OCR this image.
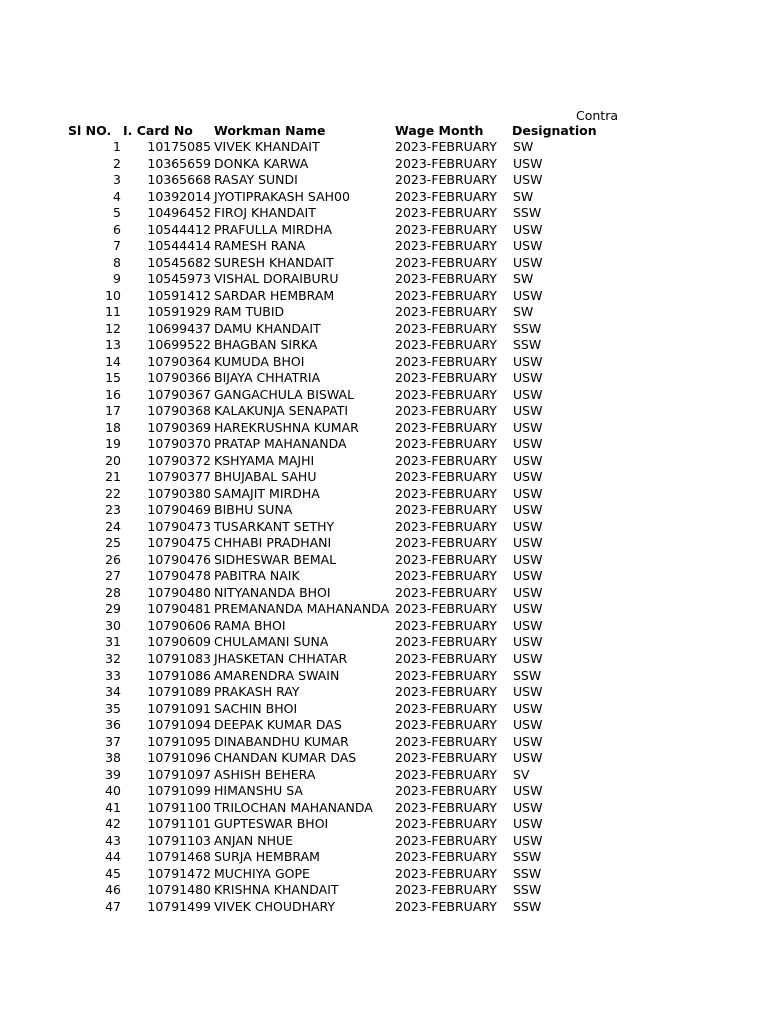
Contra
Sl NO. I. Card No Workman Name	Wage Month Designation
1 10175085 VIVEK KHANDAIT	2023-FEBRUARY SW
2 10365659 DONKA KARWA	2023-FEBRUARY USW
3 10365668 RASAY SUNDI	2023-FEBRUARY USW
4 10392014 JYOTIPRAKASH SAH00	2023-FEBRUARY SW
5 10496452 FIROJ KHANDAIT	2023-FEBRUARY SSW
6 10544412 PRAFULLA MIRDHA	2023-FEBRUARY USW
7 10544414 RAMESH RANA	2023-FEBRUARY USW
8 10545682 SURESH KHANDAIT	2023-FEBRUARY USW
9 10545973 VISHAL DORAIBURU	2023-FEBRUARY SW
10 10591412 SARDAR HEMBRAM	2023-FEBRUARY USW
11 10591929 RAM TUBID	2023-FEBRUARY SW
12 10699437 DAMU KHANDAIT	2023-FEBRUARY SSW
13 10699522 BHAGBAN SIRKA	2023-FEBRUARY SSW
14 10790364 KUMUDA BHOI	2023-FEBRUARY USW
15 10790366 BIJAYA CHHATRIA	2023-FEBRUARY USW
16 10790367 GANGACHULA BISWAL	2023-FEBRUARY USW
17 10790368 KALAKUNJA SENAPATI	2023-FEBRUARY USW
18 10790369 HAREKRUSHNA KUMAR	2023-FEBRUARY USW
19 10790370 PRATAP MAHANANDA	2023-FEBRUARY USW
20 10790372 KSHYAMA MAJHI	2023-FEBRUARY USW
21 10790377 BHUJABAL SAHU	2023-FEBRUARY USW
22 10790380 SAMAJIT MIRDHA	2023-FEBRUARY USW
23 10790469 BIBHU SUNA	2023-FEBRUARY USW
24 10790473 TUSARKANT SETHY	2023-FEBRUARY USW
25 10790475 CHHABI PRADHANI	2023-FEBRUARY USW
26 10790476 SIDHESWAR BEMAL	2023-FEBRUARY USW
27 10790478 PABITRA NAIK	2023-FEBRUARY USW
28 10790480 NITYANANDA BHOI	2023-FEBRUARY USW
29 10790481 PREMANANDA MAHANANDA 2023-FEBRUARY USW
30 10790606 RAMA BHOI	2023-FEBRUARY USW
31 10790609 CHULAMANI SUNA	2023-FEBRUARY USW
32 10791083 JHASKETAN CHHATAR	2023-FEBRUARY USW
33 10791086 AMARENDRA SWAIN	2023-FEBRUARY SSW
34 10791089 PRAKASH RAY	2023-FEBRUARY USW
35 10791091 SACHIN BHOI	2023-FEBRUARY USW
36 10791094 DEEPAK KUMAR DAS	2023-FEBRUARY USW
37 10791095 DINABANDHU KUMAR	2023-FEBRUARY USW
38 10791096 CHANDAN KUMAR DAS	2023-FEBRUARY USW
39 10791097 ASHISH BEHERA	2023-FEBRUARY SV
40 10791099 HIMANSHU SA	2023-FEBRUARY USW
41 10791100 TRILOCHAN MAHANANDA 2023-FEBRUARY USW
42 10791101 GUPTESWAR BHOI	2023-FEBRUARY USW
43 10791103 ANJAN NHUE	2023-FEBRUARY USW
44 10791468 SURJA HEMBRAM	2023-FEBRUARY SSW
45 10791472 MUCHIYA GOPE	2023-FEBRUARY SSW
46 10791480 KRISHNA KHANDAIT	2023-FEBRUARY SSW
47 10791499 VIVEK CHOUDHARY	2023-FEBRUARY SSW
